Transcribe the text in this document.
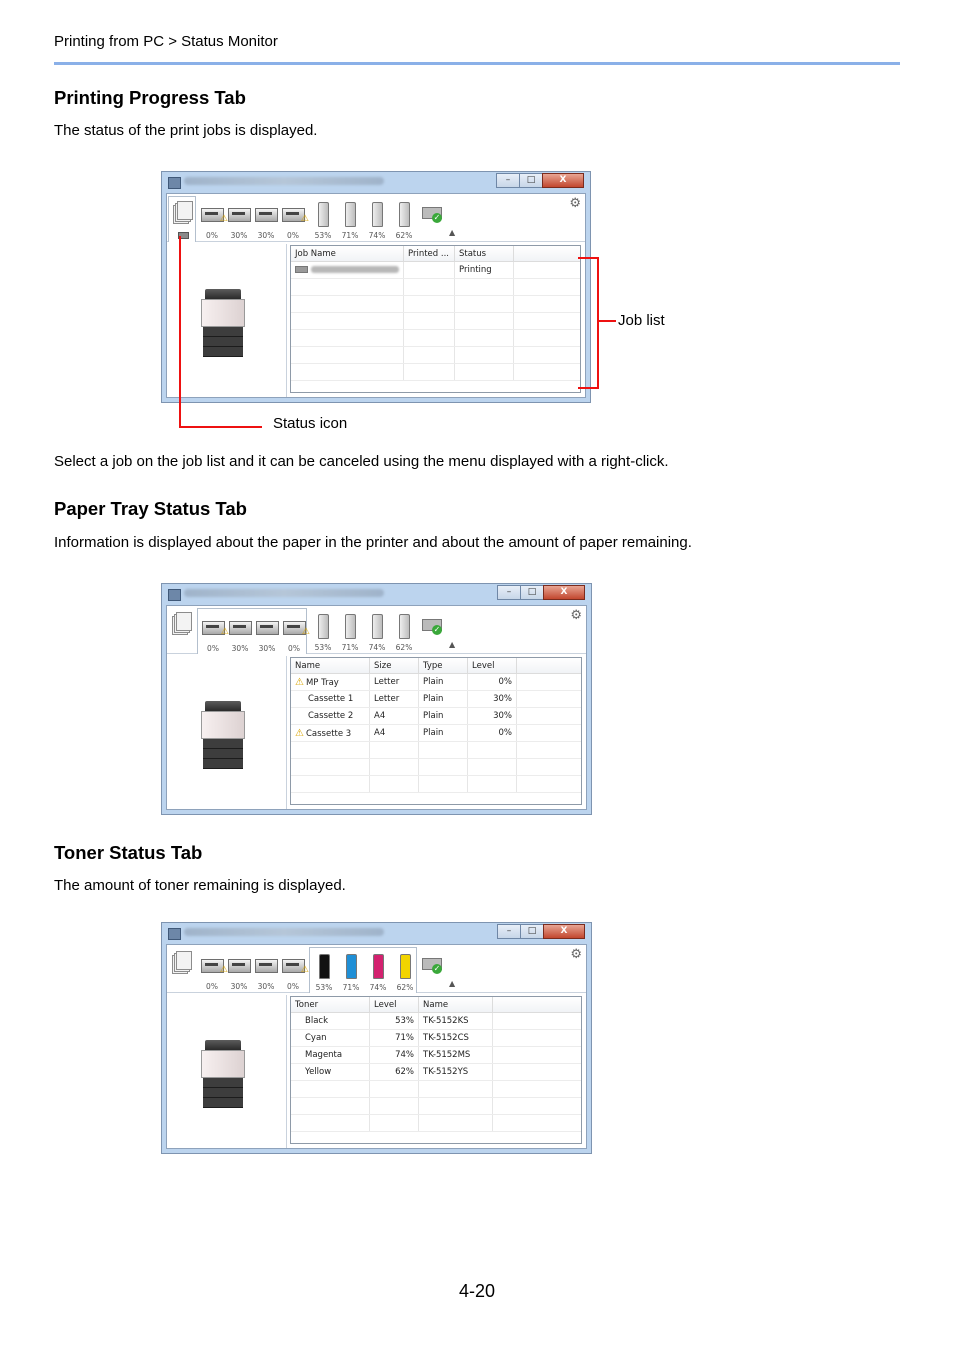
Printing from PC > Status Monitor
Printing Progress Tab

The status of the print jobs is displayed.

–	□	X
⚠
0%	30%	30%
⚠
0%	53%	71%	74%	62%
✓
▲
⚙
Job Name	Printed ...	Status	
		Printing	

Job list
Status icon

Select a job on the job list and it can be canceled using the menu displayed with a right-click.

Paper Tray Status Tab

Information is displayed about the paper in the printer and about the amount of paper remaining.

–	□	X
⚠
0%	30%	30%
⚠
0%	53%	71%	74%	62%
✓
▲
⚙
Name	Size	Type	Level	
⚠ MP Tray	Letter	Plain	0%	
Cassette 1	Letter	Plain	30%	
Cassette 2	A4	Plain	30%	
⚠ Cassette 3	A4	Plain	0%	

Toner Status Tab

The amount of toner remaining is displayed.

–	□	X
⚠
0%	30%	30%
⚠
0%	53%	71%	74%	62%
✓
▲
⚙
Toner	Level	Name	
Black	53%	TK-5152KS	
Cyan	71%	TK-5152CS	
Magenta	74%	TK-5152MS	
Yellow	62%	TK-5152YS	

4-20
